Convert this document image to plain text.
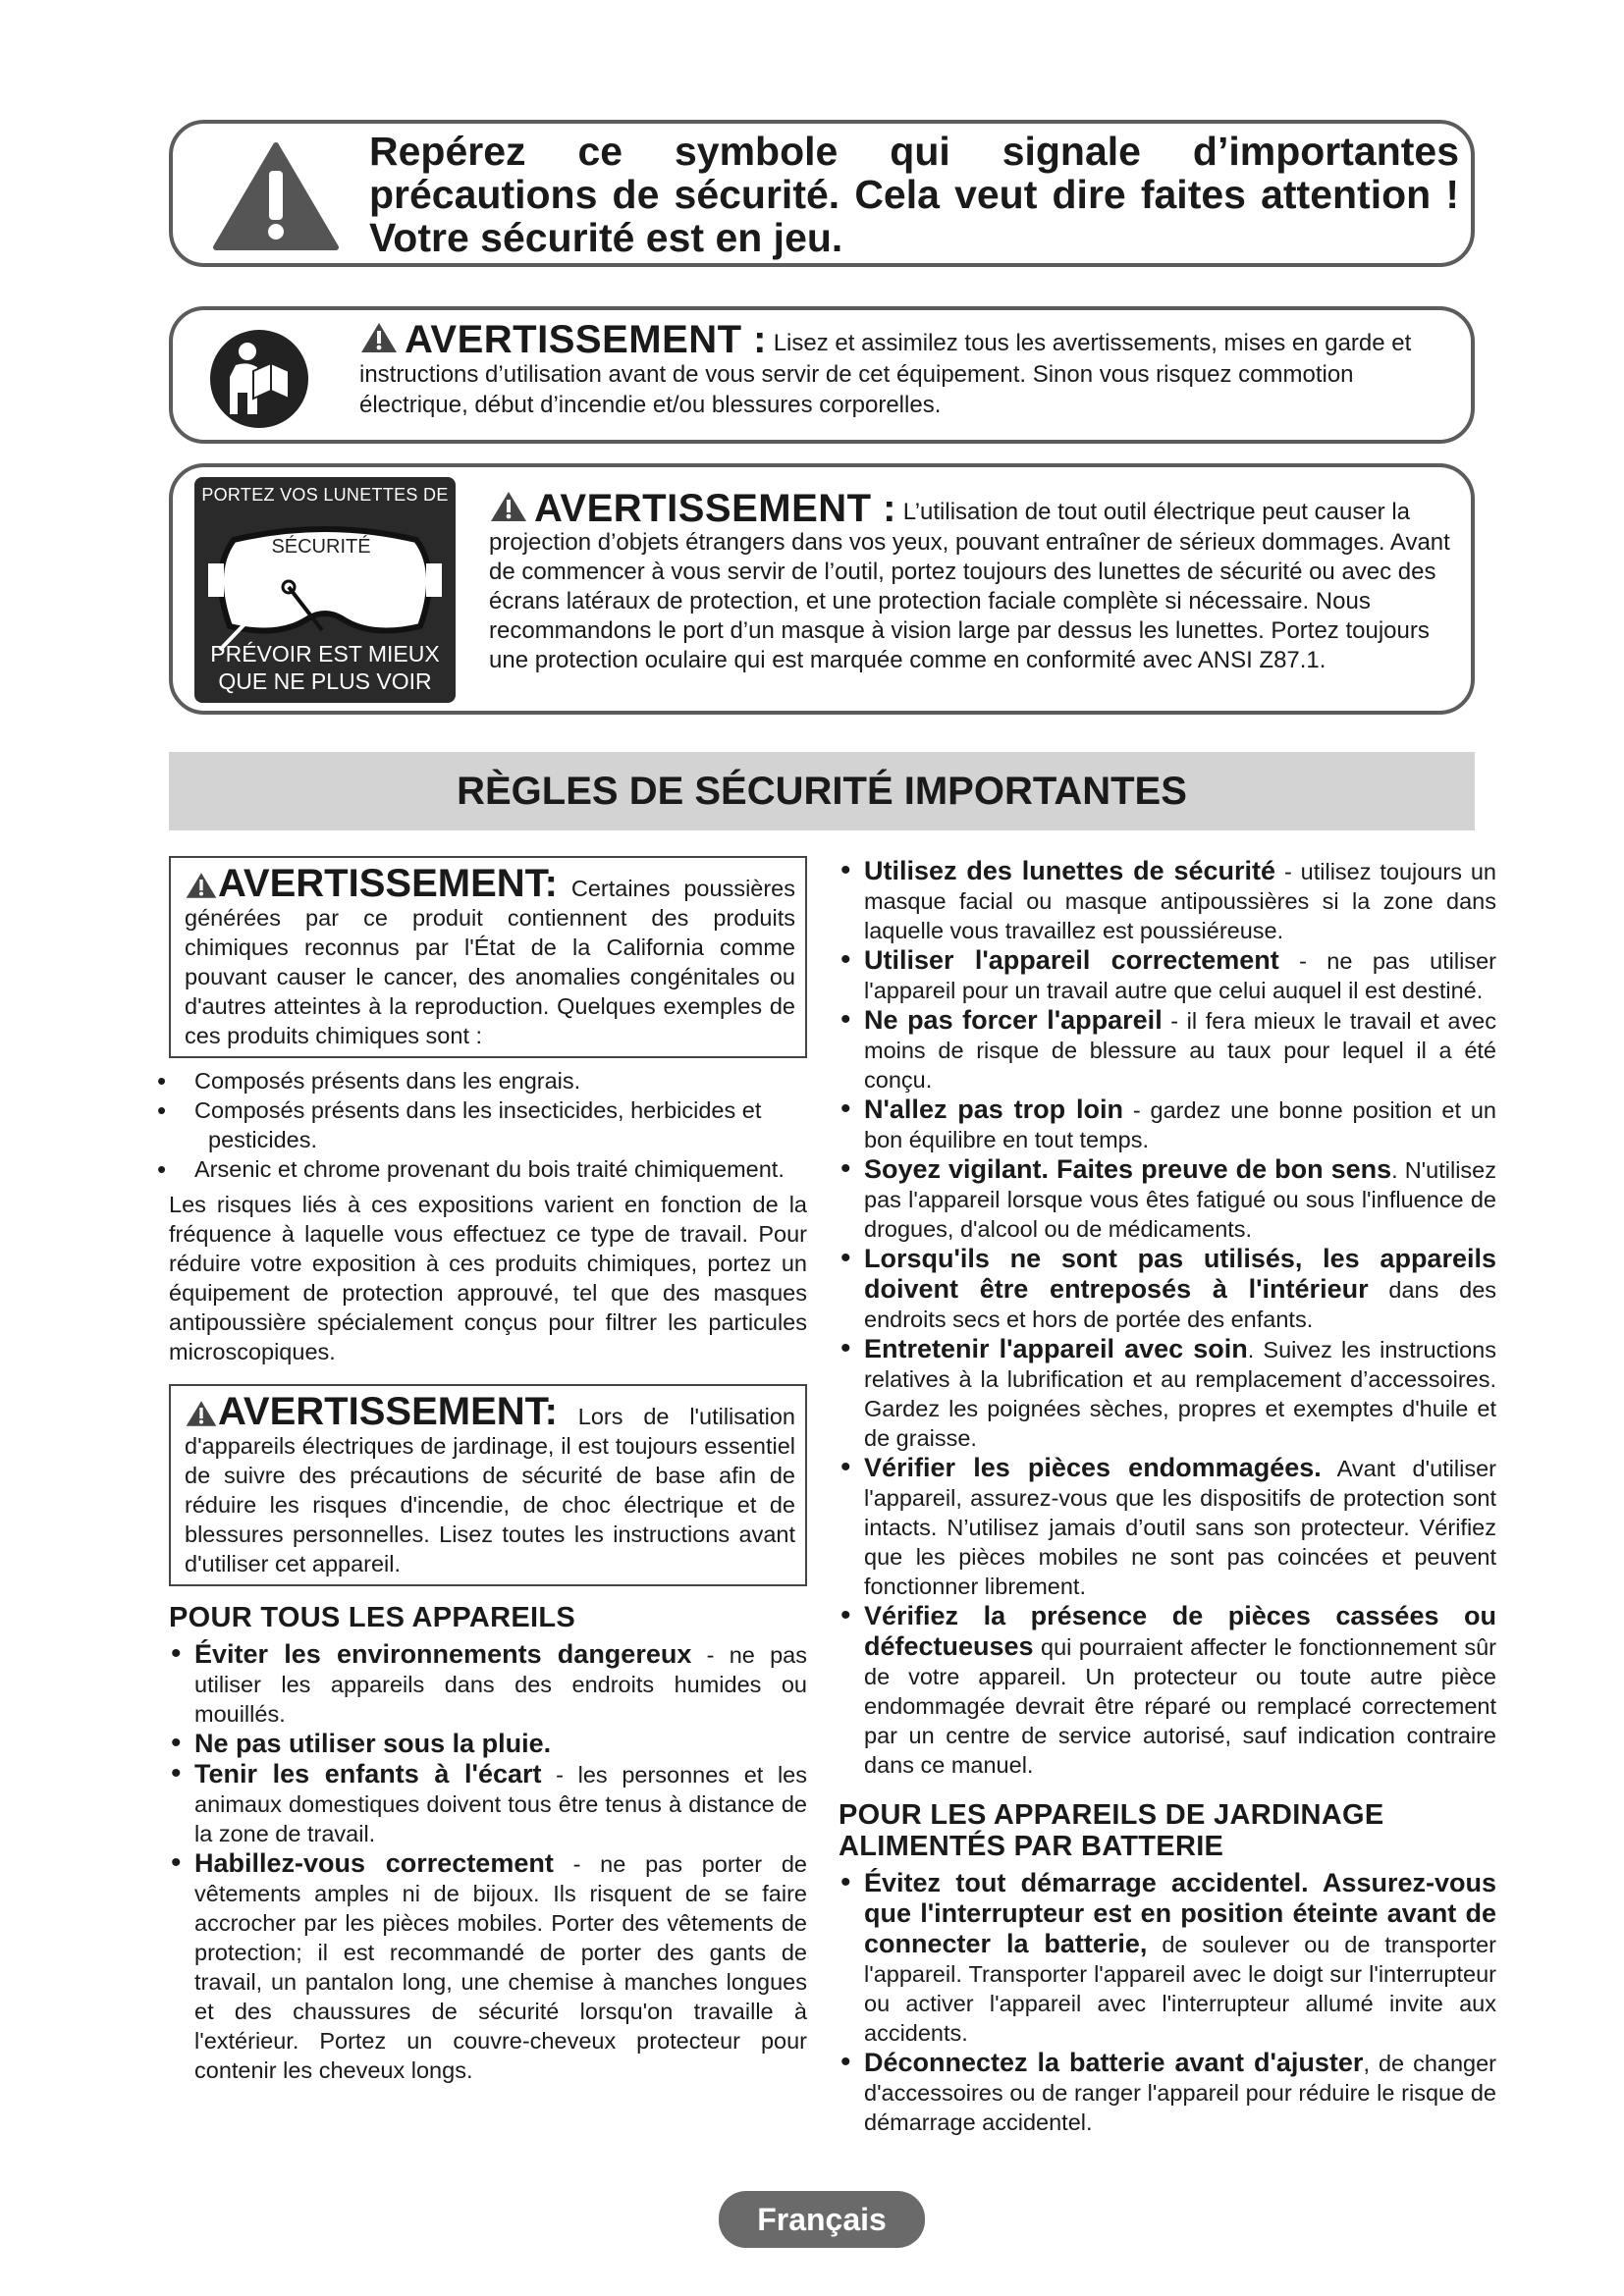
Repérez ce symbole qui signale d’importantes précautions de sécurité. Cela veut dire faites attention ! Votre sécurité est en jeu.
AVERTISSEMENT : Lisez et assimilez tous les avertissements, mises en garde et instructions d’utilisation avant de vous servir de cet équipement. Sinon vous risquez commotion électrique, début d’incendie et/ou blessures corporelles.
PORTEZ VOS LUNETTES DE
SÉCURITÉ
PRÉVOIR EST MIEUX
QUE NE PLUS VOIR
AVERTISSEMENT : L’utilisation de tout outil électrique peut causer la projection d’objets étrangers dans vos yeux, pouvant entraîner de sérieux dommages. Avant de commencer à vous servir de l’outil, portez toujours des lunettes de sécurité ou avec des écrans latéraux de protection, et une protection faciale complète si nécessaire. Nous recommandons le port d’un masque à vision large par dessus les lunettes. Portez toujours une protection oculaire qui est marquée comme en conformité avec ANSI Z87.1.
RÈGLES DE SÉCURITÉ IMPORTANTES
AVERTISSEMENT: Certaines poussières générées par ce produit contiennent des produits chimiques reconnus par l'État de la California comme pouvant causer le cancer, des anomalies congénitales ou d'autres atteintes à la reproduction. Quelques exemples de ces produits chimiques sont :
• Composés présents dans les engrais.
• Composés présents dans les insecticides, herbicides et pesticides.
• Arsenic et chrome provenant du bois traité chimiquement.
Les risques liés à ces expositions varient en fonction de la fréquence à laquelle vous effectuez ce type de travail. Pour réduire votre exposition à ces produits chimiques, portez un équipement de protection approuvé, tel que des masques antipoussière spécialement conçus pour filtrer les particules microscopiques.
AVERTISSEMENT: Lors de l'utilisation d'appareils électriques de jardinage, il est toujours essentiel de suivre des précautions de sécurité de base afin de réduire les risques d'incendie, de choc électrique et de blessures personnelles. Lisez toutes les instructions avant d'utiliser cet appareil.
POUR TOUS LES APPAREILS
• Éviter les environnements dangereux - ne pas utiliser les appareils dans des endroits humides ou mouillés.
• Ne pas utiliser sous la pluie.
• Tenir les enfants à l'écart - les personnes et les animaux domestiques doivent tous être tenus à distance de la zone de travail.
• Habillez-vous correctement - ne pas porter de vêtements amples ni de bijoux. Ils risquent de se faire accrocher par les pièces mobiles. Porter des vêtements de protection; il est recommandé de porter des gants de travail, un pantalon long, une chemise à manches longues et des chaussures de sécurité lorsqu'on travaille à l'extérieur. Portez un couvre-cheveux protecteur pour contenir les cheveux longs.
• Utilisez des lunettes de sécurité - utilisez toujours un masque facial ou masque antipoussières si la zone dans laquelle vous travaillez est poussiéreuse.
• Utiliser l'appareil correctement - ne pas utiliser l'appareil pour un travail autre que celui auquel il est destiné.
• Ne pas forcer l'appareil - il fera mieux le travail et avec moins de risque de blessure au taux pour lequel il a été conçu.
• N'allez pas trop loin - gardez une bonne position et un bon équilibre en tout temps.
• Soyez vigilant. Faites preuve de bon sens. N'utilisez pas l'appareil lorsque vous êtes fatigué ou sous l'influence de drogues, d'alcool ou de médicaments.
• Lorsqu'ils ne sont pas utilisés, les appareils doivent être entreposés à l'intérieur dans des endroits secs et hors de portée des enfants.
• Entretenir l'appareil avec soin. Suivez les instructions relatives à la lubrification et au remplacement d’accessoires. Gardez les poignées sèches, propres et exemptes d'huile et de graisse.
• Vérifier les pièces endommagées. Avant d'utiliser l'appareil, assurez-vous que les dispositifs de protection sont intacts. N’utilisez jamais d’outil sans son protecteur. Vérifiez que les pièces mobiles ne sont pas coincées et peuvent fonctionner librement.
• Vérifiez la présence de pièces cassées ou défectueuses qui pourraient affecter le fonctionnement sûr de votre appareil. Un protecteur ou toute autre pièce endommagée devrait être réparé ou remplacé correctement par un centre de service autorisé, sauf indication contraire dans ce manuel.
POUR LES APPAREILS DE JARDINAGE ALIMENTÉS PAR BATTERIE
• Évitez tout démarrage accidentel. Assurez-vous que l'interrupteur est en position éteinte avant de connecter la batterie, de soulever ou de transporter l'appareil. Transporter l'appareil avec le doigt sur l'interrupteur ou activer l'appareil avec l'interrupteur allumé invite aux accidents.
• Déconnectez la batterie avant d'ajuster, de changer d'accessoires ou de ranger l'appareil pour réduire le risque de démarrage accidentel.
Français
